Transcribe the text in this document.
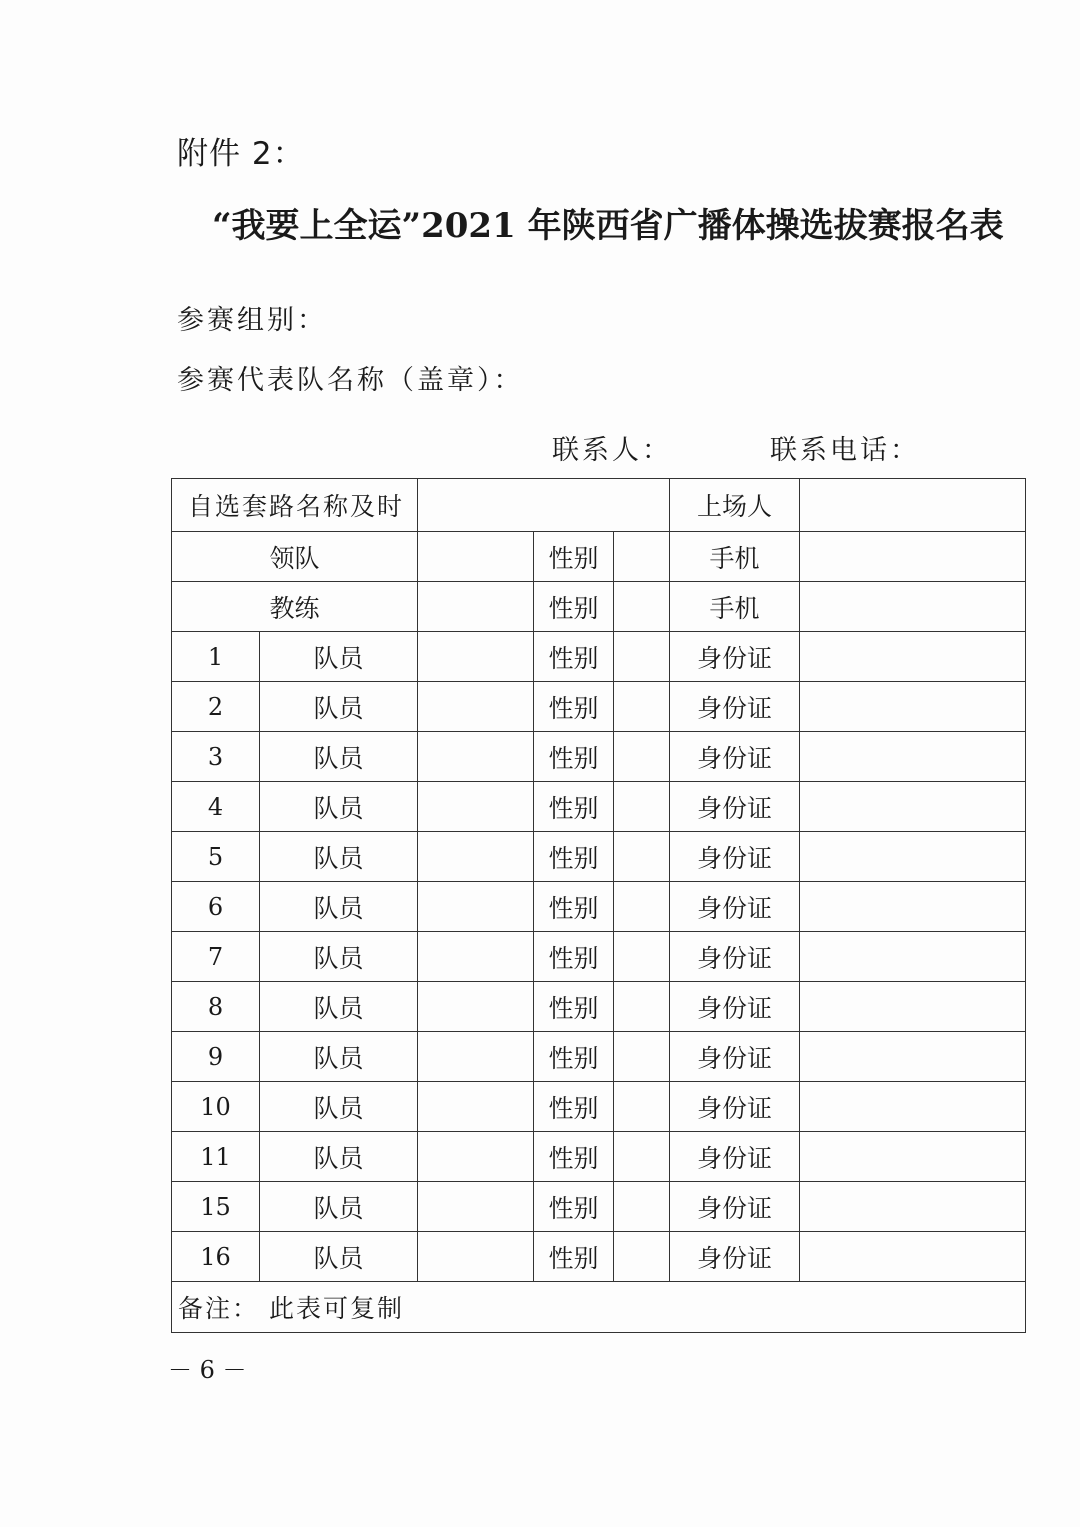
附件 2：
“我要上全运”2021 年陕西省广播体操选拔赛报名表
参赛组别：
参赛代表队名称（盖章）：
联系人：	联系电话：
自选套路名称及时					上场人	
领队			性别		手机	
教练			性别		手机	
1	队员		性别		身份证	
2	队员		性别		身份证	
3	队员		性别		身份证	
4	队员		性别		身份证	
5	队员		性别		身份证	
6	队员		性别		身份证	
7	队员		性别		身份证	
8	队员		性别		身份证	
9	队员		性别		身份证	
10	队员		性别		身份证	
11	队员		性别		身份证	
15	队员		性别		身份证	
16	队员		性别		身份证	
备注： 此表可复制						
－ 6 －
